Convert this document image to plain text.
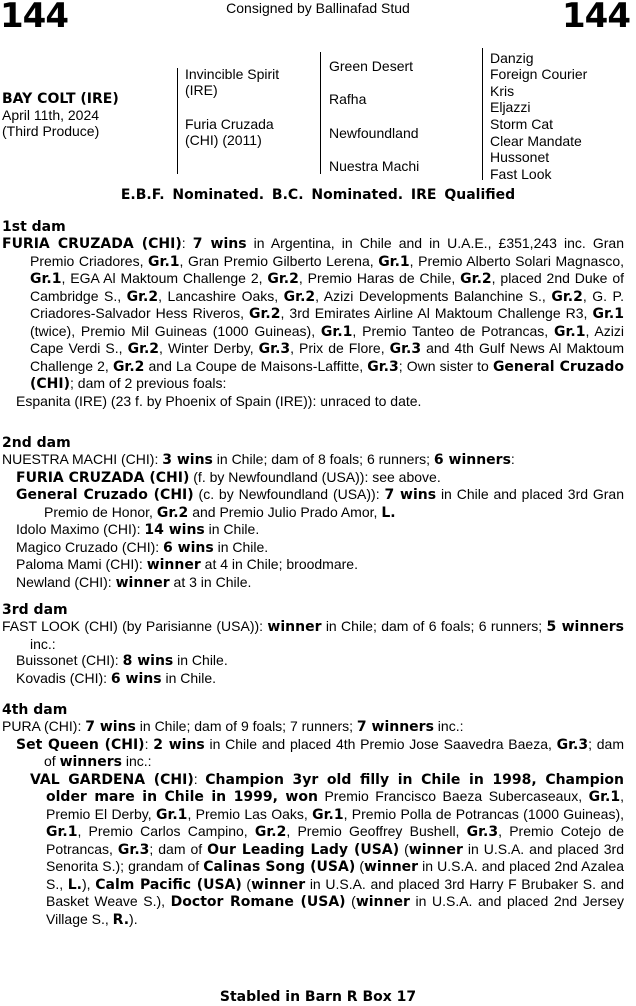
144	Consigned by Ballinafad Stud	144
BAY COLT (IRE)
April 11th, 2024
(Third Produce)
Invincible Spirit (IRE)
Furia Cruzada (CHI) (2011)
Green Desert
Rafha
Newfoundland
Nuestra Machi
Danzig
Foreign Courier
Kris
Eljazzi
Storm Cat
Clear Mandate
Hussonet
Fast Look
E.B.F. Nominated. B.C. Nominated. IRE Qualified
1st dam
FURIA CRUZADA (CHI): 7 wins in Argentina, in Chile and in U.A.E., £351,243 inc. Gran Premio Criadores, Gr.1, Gran Premio Gilberto Lerena, Gr.1, Premio Alberto Solari Magnasco, Gr.1, EGA Al Maktoum Challenge 2, Gr.2, Premio Haras de Chile, Gr.2, placed 2nd Duke of Cambridge S., Gr.2, Lancashire Oaks, Gr.2, Azizi Developments Balanchine S., Gr.2, G. P. Criadores-Salvador Hess Riveros, Gr.2, 3rd Emirates Airline Al Maktoum Challenge R3, Gr.1 (twice), Premio Mil Guineas (1000 Guineas), Gr.1, Premio Tanteo de Potrancas, Gr.1, Azizi Cape Verdi S., Gr.2, Winter Derby, Gr.3, Prix de Flore, Gr.3 and 4th Gulf News Al Maktoum Challenge 2, Gr.2 and La Coupe de Maisons-Laffitte, Gr.3; Own sister to General Cruzado (CHI); dam of 2 previous foals:
Espanita (IRE) (23 f. by Phoenix of Spain (IRE)): unraced to date.
2nd dam
NUESTRA MACHI (CHI): 3 wins in Chile; dam of 8 foals; 6 runners; 6 winners:
FURIA CRUZADA (CHI) (f. by Newfoundland (USA)): see above.
General Cruzado (CHI) (c. by Newfoundland (USA)): 7 wins in Chile and placed 3rd Gran Premio de Honor, Gr.2 and Premio Julio Prado Amor, L.
Idolo Maximo (CHI): 14 wins in Chile.
Magico Cruzado (CHI): 6 wins in Chile.
Paloma Mami (CHI): winner at 4 in Chile; broodmare.
Newland (CHI): winner at 3 in Chile.
3rd dam
FAST LOOK (CHI) (by Parisianne (USA)): winner in Chile; dam of 6 foals; 6 runners; 5 winners inc.:
Buissonet (CHI): 8 wins in Chile.
Kovadis (CHI): 6 wins in Chile.
4th dam
PURA (CHI): 7 wins in Chile; dam of 9 foals; 7 runners; 7 winners inc.:
Set Queen (CHI): 2 wins in Chile and placed 4th Premio Jose Saavedra Baeza, Gr.3; dam of winners inc.:
VAL GARDENA (CHI): Champion 3yr old filly in Chile in 1998, Champion older mare in Chile in 1999, won Premio Francisco Baeza Subercaseaux, Gr.1, Premio El Derby, Gr.1, Premio Las Oaks, Gr.1, Premio Polla de Potrancas (1000 Guineas), Gr.1, Premio Carlos Campino, Gr.2, Premio Geoffrey Bushell, Gr.3, Premio Cotejo de Potrancas, Gr.3; dam of Our Leading Lady (USA) (winner in U.S.A. and placed 3rd Senorita S.); grandam of Calinas Song (USA) (winner in U.S.A. and placed 2nd Azalea S., L.), Calm Pacific (USA) (winner in U.S.A. and placed 3rd Harry F Brubaker S. and Basket Weave S.), Doctor Romane (USA) (winner in U.S.A. and placed 2nd Jersey Village S., R.).
Stabled in Barn R Box 17
